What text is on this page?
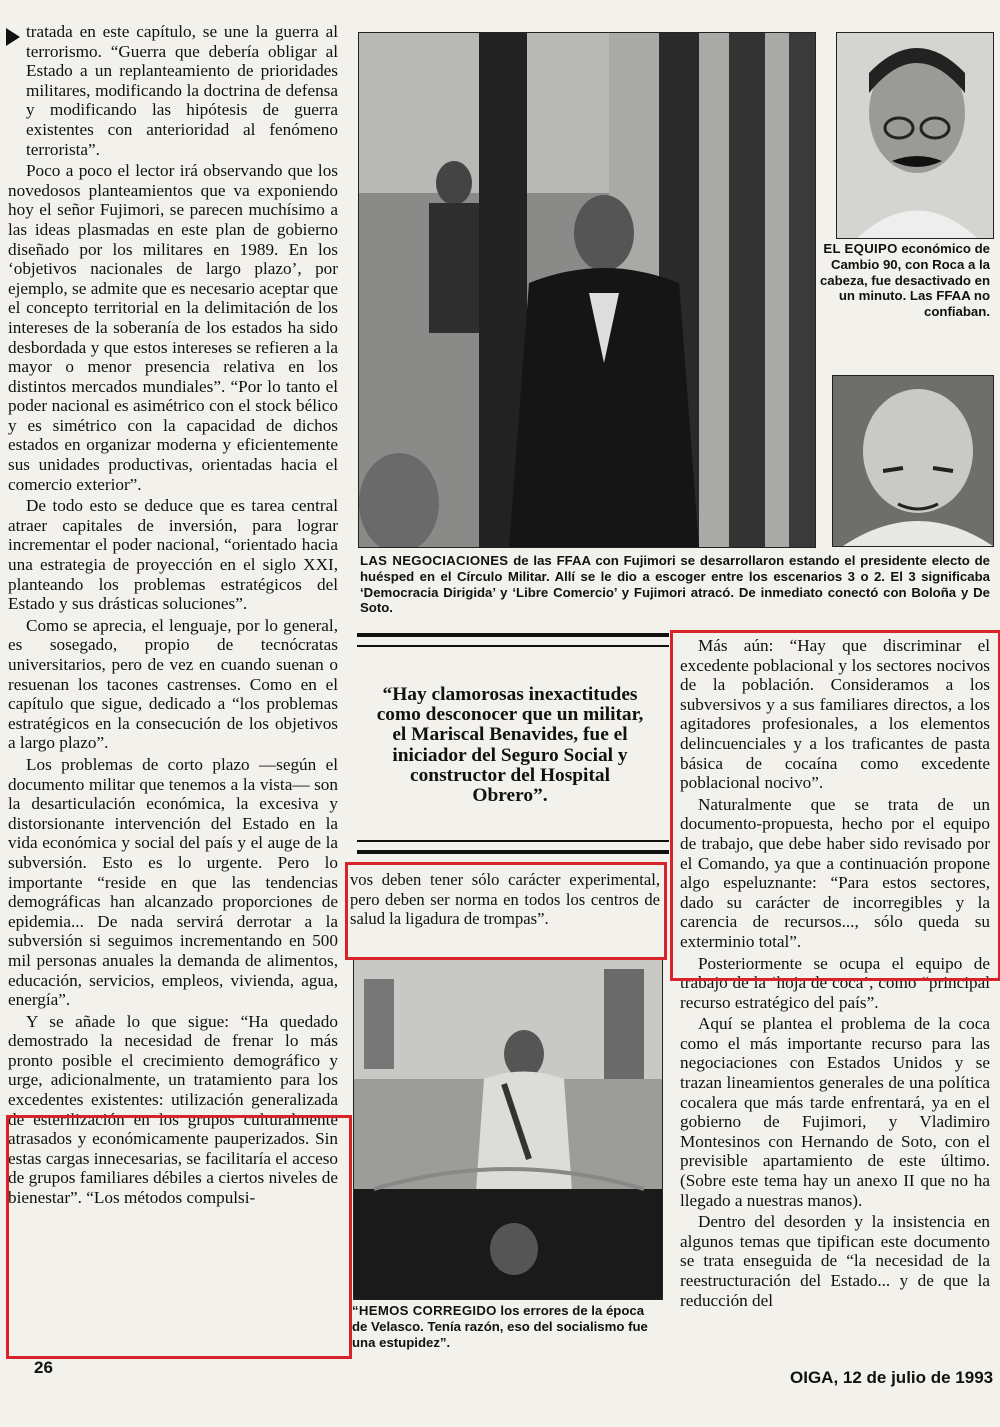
tratada en este capítulo, se une la guerra al terrorismo. “Guerra que debería obligar al Estado a un replanteamiento de prioridades militares, modificando la doctrina de defensa y modificando las hipótesis de guerra existentes con anterioridad al fenómeno terrorista”.

Poco a poco el lector irá observando que los novedosos planteamientos que va exponiendo hoy el señor Fujimori, se parecen muchísimo a las ideas plasmadas en este plan de gobierno diseñado por los militares en 1989. En los ‘objetivos nacionales de largo plazo’, por ejemplo, se admite que es necesario aceptar que el concepto territorial en la delimitación de los intereses de la soberanía de los estados ha sido desbordada y que estos intereses se refieren a la mayor o menor presencia relativa en los distintos mercados mundiales”. “Por lo tanto el poder nacional es asimétrico con el stock bélico y es simétrico con la capacidad de dichos estados en organizar moderna y eficientemente sus unidades productivas, orientadas hacia el comercio exterior”.

De todo esto se deduce que es tarea central atraer capitales de inversión, para lograr incrementar el poder nacional, “orientado hacia una estrategia de proyección en el siglo XXI, planteando los problemas estratégicos del Estado y sus drásticas soluciones”.

Como se aprecia, el lenguaje, por lo general, es sosegado, propio de tecnócratas universitarios, pero de vez en cuando suenan o resuenan los tacones castrenses. Como en el capítulo que sigue, dedicado a “los problemas estratégicos en la consecución de los objetivos a largo plazo”.

Los problemas de corto plazo —según el documento militar que tenemos a la vista— son la desarticulación económica, la excesiva y distorsionante intervención del Estado en la vida económica y social del país y el auge de la subversión. Esto es lo urgente. Pero lo importante “reside en que las tendencias demográficas han alcanzado proporciones de epidemia... De nada servirá derrotar a la subversión si seguimos incrementando en 500 mil personas anuales la demanda de alimentos, educación, servicios, empleos, vivienda, agua, energía”.

Y se añade lo que sigue: “Ha quedado demostrado la necesidad de frenar lo más pronto posible el crecimiento demográfico y urge, adicionalmente, un tratamiento para los excedentes existentes: utilización generalizada de esterilización en los grupos culturalmente atrasados y económicamente pauperizados. Sin estas cargas innecesarias, se facilitaría el acceso de grupos familiares débiles a ciertos niveles de bienestar”. “Los métodos compulsi-

EL EQUIPO económico de Cambio 90, con Roca a la cabeza, fue desactivado en un minuto. Las FFAA no confiaban.
LAS NEGOCIACIONES de las FFAA con Fujimori se desarrollaron estando el presidente electo de huésped en el Círculo Militar. Allí se le dio a escoger entre los escenarios 3 o 2. El 3 significaba ‘Democracia Dirigida’ y ‘Libre Comercio’ y Fujimori atracó. De inmediato conectó con Boloña y De Soto.
“Hay clamorosas inexactitudes como desconocer que un militar, el Mariscal Benavides, fue el iniciador del Seguro Social y constructor del Hospital Obrero”.

vos deben tener sólo carácter experimental, pero deben ser norma en todos los centros de salud la ligadura de trompas”.

“HEMOS CORREGIDO los errores de la época de Velasco. Tenía razón, eso del socialismo fue una estupidez”.

Más aún: “Hay que discriminar el excedente poblacional y los sectores nocivos de la población. Consideramos a los subversivos y a sus familiares directos, a los agitadores profesionales, a los elementos delincuenciales y a los traficantes de pasta básica de cocaína como excedente poblacional nocivo”.

Naturalmente que se trata de un documento-propuesta, hecho por el equipo de trabajo, que debe haber sido revisado por el Comando, ya que a continuación propone algo espeluznante: “Para estos sectores, dado su carácter de incorregibles y la carencia de recursos..., sólo queda su exterminio total”.

Posteriormente se ocupa el equipo de trabajo de la ‘hoja de coca’, como “principal recurso estratégico del país”.

Aquí se plantea el problema de la coca como el más importante recurso para las negociaciones con Estados Unidos y se trazan lineamientos generales de una política cocalera que más tarde enfrentará, ya en el gobierno de Fujimori, y Vladimiro Montesinos con Hernando de Soto, con el previsible apartamiento de este último. (Sobre este tema hay un anexo II que no ha llegado a nuestras manos).

Dentro del desorden y la insistencia en algunos temas que tipifican este documento se trata enseguida de “la necesidad de la reestructuración del Estado... y de que la reducción del

26
OIGA, 12 de julio de 1993
